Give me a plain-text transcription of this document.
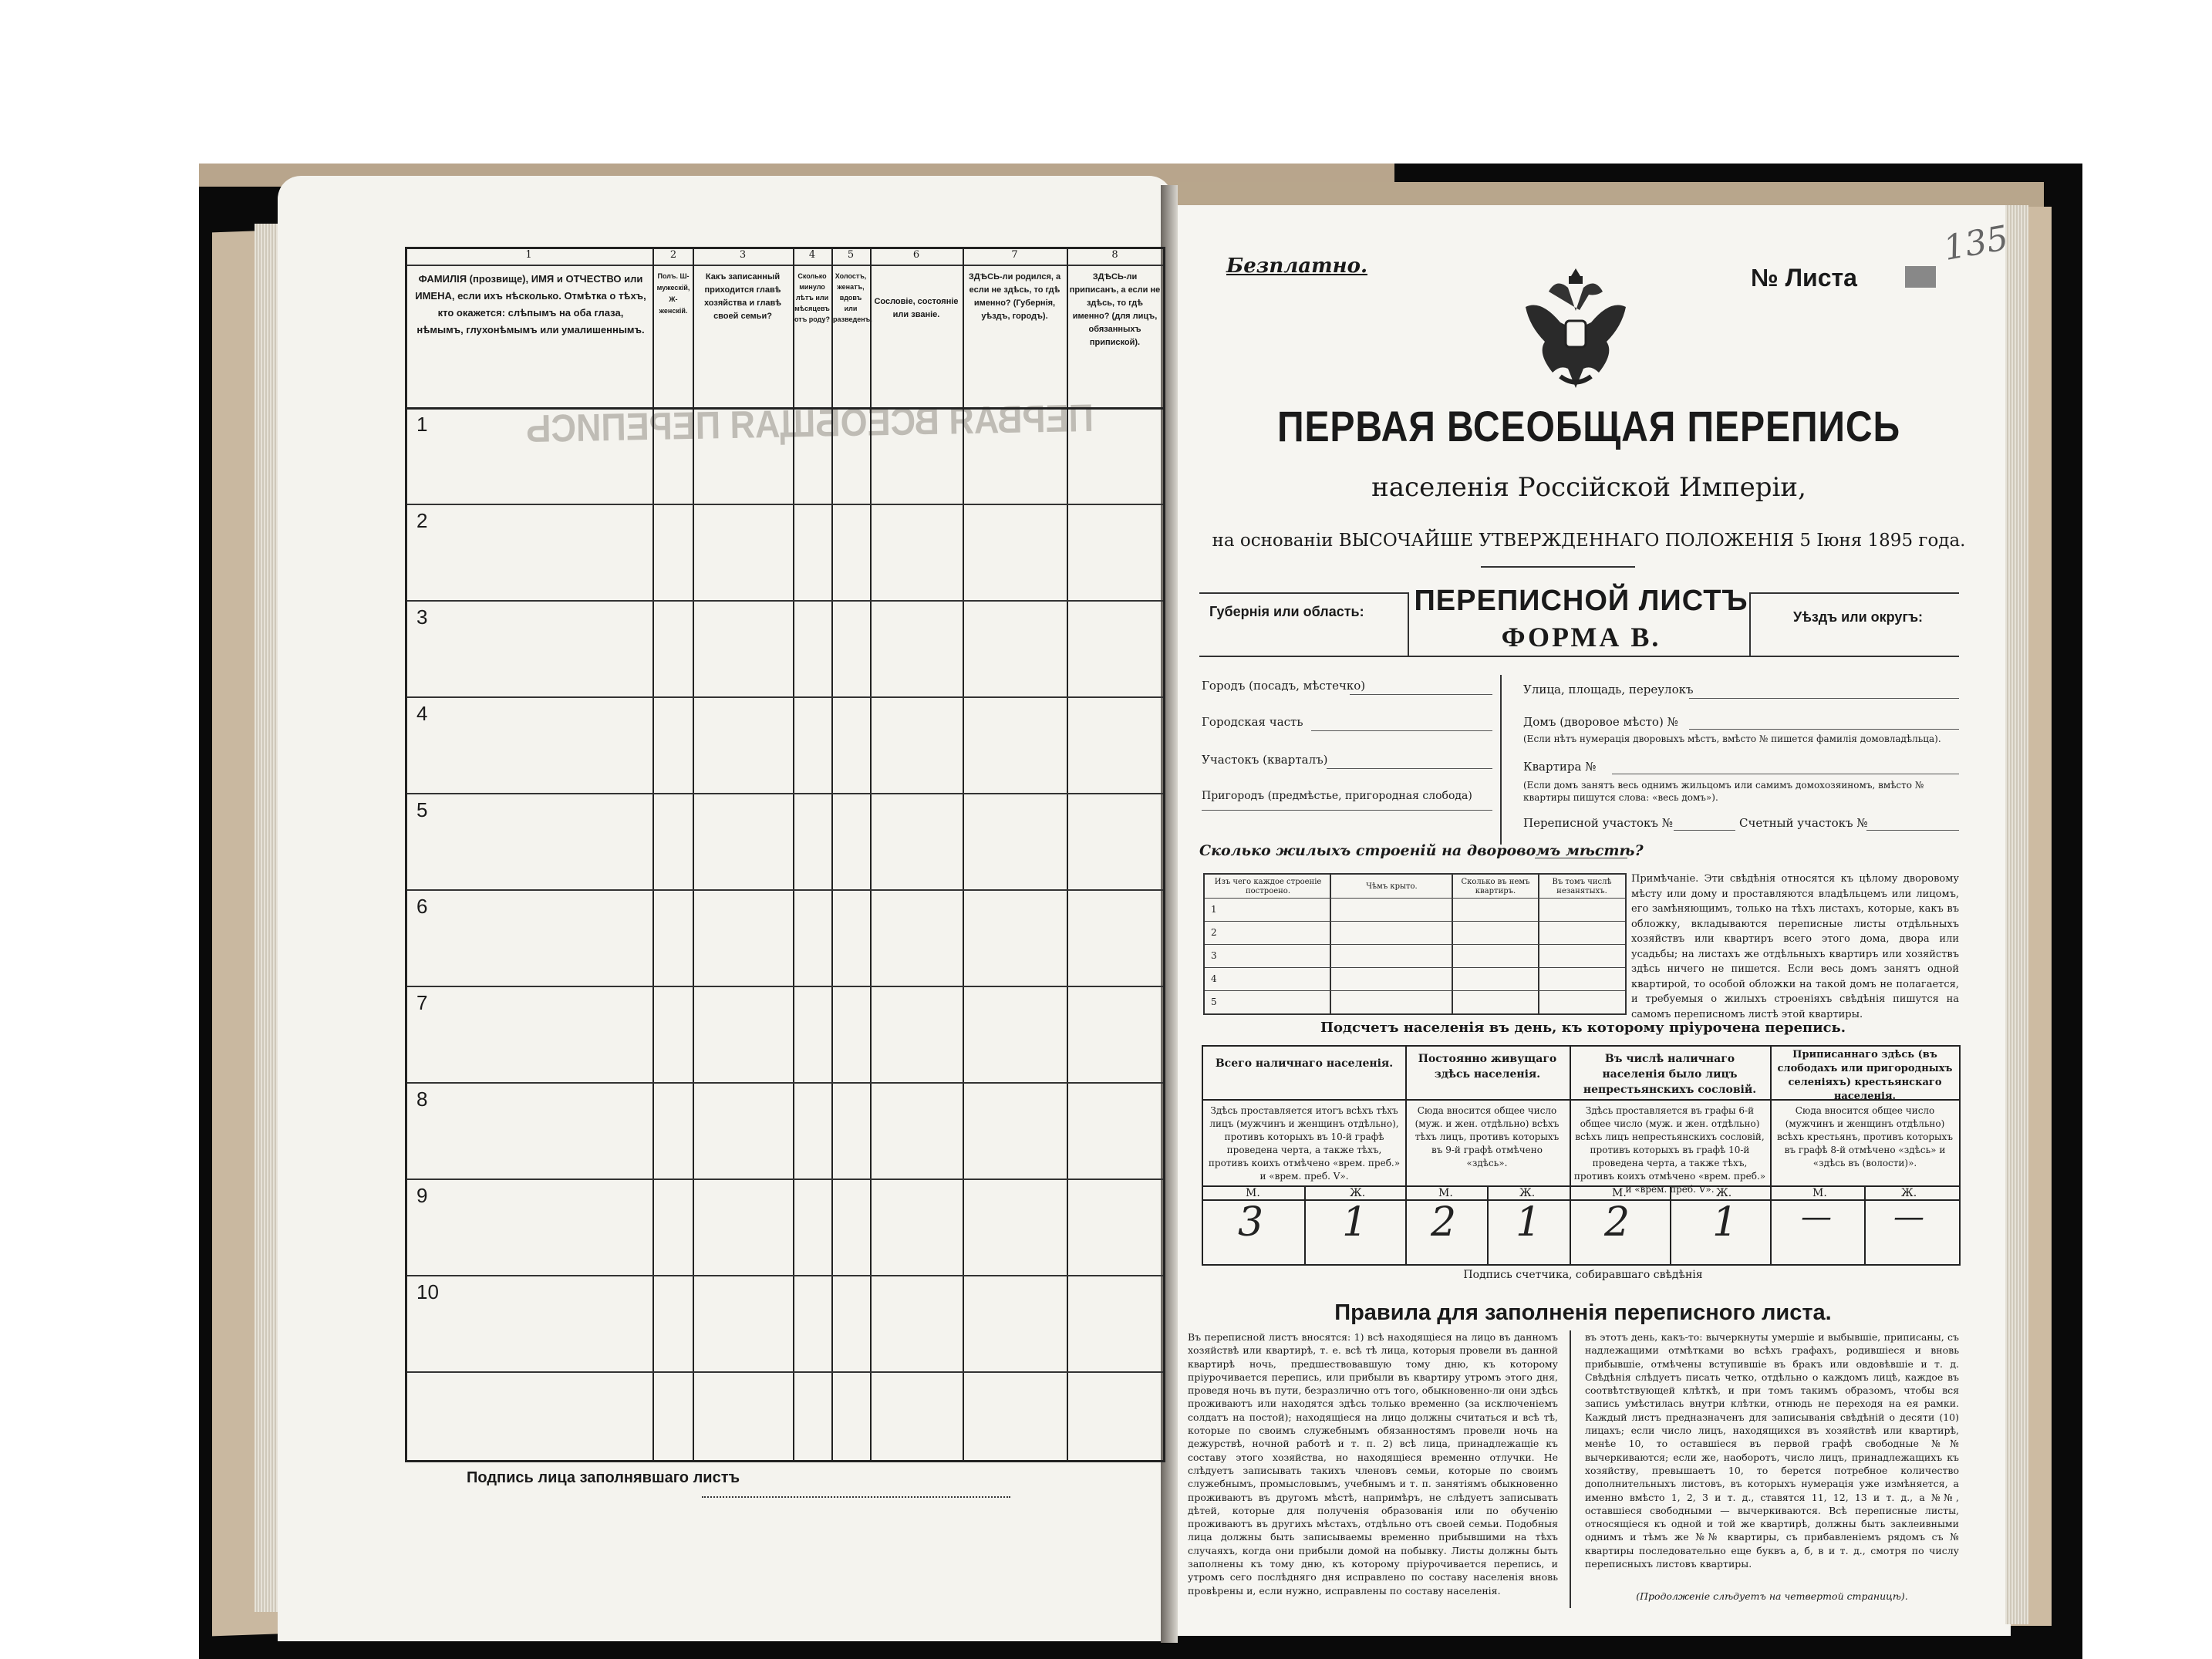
ПЕРВАЯ ВСЕОБЩАЯ ПЕРЕПИСЬ
1	2	3	4	5	6	7	8
ФАМИЛІЯ (прозвище), ИМЯ и ОТЧЕСТВО или ИМЕНА, если ихъ нѣсколько. Отмѣтка о тѣхъ, кто окажется: слѣпымъ на оба глаза, нѣмымъ, глухонѣмымъ или умалишеннымъ.
Полъ. Ш-мужескій, Ж-женскій.
Какъ записанный приходится главѣ хозяйства и главѣ своей семьи?
Сколько минуло лѣтъ или мѣсяцевъ отъ роду?
Холостъ, женатъ, вдовъ или разведенъ.
Сословіе, состояніе или званіе.
ЗДѢСЬ-ли родился, а если не здѣсь, то гдѣ именно? (Губернія, уѣздъ, городъ).
ЗДѢСЬ-ли приписанъ, а если не здѣсь, то гдѣ именно? (для лицъ, обязанныхъ припиской).
1
2
3
4
5
6
7
8
9
10
Подпись лица заполнявшаго листъ
Безплатно.	№ Листа
135
ПЕРВАЯ ВСЕОБЩАЯ ПЕРЕПИСЬ
населенія Россійской Имперіи,
на основаніи ВЫСОЧАЙШЕ УТВЕРЖДЕННАГО ПОЛОЖЕНІЯ 5 Іюня 1895 года.
Губернія или область:	Уѣздъ или округъ:
ПЕРЕПИСНОЙ ЛИСТЪ
ФОРМА В.
Городъ (посадъ, мѣстечко)
Городская часть
Участокъ (кварталъ)
Пригородъ (предмѣстье, пригородная слобода)
Улица, площадь, переулокъ
Домъ (дворовое мѣсто) №
(Если нѣтъ нумерація дворовыхъ мѣстъ, вмѣсто № пишется фамилія домовладѣльца).
Квартира №
(Если домъ занятъ весь однимъ жильцомъ или самимъ домохозяиномъ, вмѣсто № квартиры пишутся слова: «весь домъ»).
Переписной участокъ №	Счетный участокъ №
Сколько жилыхъ строеній на дворовомъ мѣстѣ?
Изъ чего каждое строеніе построено.
Чѣмъ крыто.
Сколько въ немъ квартиръ.
Въ томъ числѣ незанятыхъ.
1
2
3
4
5
Примѣчаніе. Эти свѣдѣнія относятся къ цѣлому дворовому мѣсту или дому и проставляются владѣльцемъ или лицомъ, его замѣняющимъ, только на тѣхъ листахъ, которые, какъ въ обложку, вкладываются переписные листы отдѣльныхъ хозяйствъ или квартиръ всего этого дома, двора или усадьбы; на листахъ же отдѣльныхъ квартиръ или хозяйствъ здѣсь ничего не пишется. Если весь домъ занятъ одной квартирой, то особой обложки на такой домъ не полагается, и требуемыя о жилыхъ строеніяхъ свѣдѣнія пишутся на самомъ переписномъ листѣ этой квартиры.
Подсчетъ населенія въ день, къ которому пріурочена перепись.
Всего наличнаго населенія.	Постоянно живущаго здѣсь населенія.
Въ числѣ наличнаго населенія было лицъ непрестьянскихъ сословій.
Приписаннаго здѣсь (въ слободахъ или пригородныхъ селеніяхъ) крестьянскаго населенія.
Здѣсь проставляется итогъ всѣхъ тѣхъ лицъ (мужчинъ и женщинъ отдѣльно), противъ которыхъ въ 10-й графѣ проведена черта, а также тѣхъ, противъ коихъ отмѣчено «врем. преб.» и «врем. преб. V».
Сюда вносится общее число (муж. и жен. отдѣльно) всѣхъ тѣхъ лицъ, противъ которыхъ въ 9-й графѣ отмѣчено «здѣсь».
Здѣсь проставляется въ графы 6-й общее число (муж. и жен. отдѣльно) всѣхъ лицъ непрестьянскихъ сословій, противъ которыхъ въ графѣ 10-й проведена черта, а также тѣхъ, противъ коихъ отмѣчено «врем. преб.» и «врем. преб. V».
Сюда вносится общее число (мужчинъ и женщинъ отдѣльно) всѣхъ крестьянъ, противъ которыхъ въ графѣ 8-й отмѣчено «здѣсь» и «здѣсь въ (волости)».
М.	Ж.	М.	Ж.	М.	Ж.	М.	Ж.
3 1 2 1 2 1 — —
Подпись счетчика, собиравшаго свѣдѣнія
Правила для заполненія переписного листа.
Въ переписной листъ вносятся: 1) всѣ находящіеся на лицо въ данномъ хозяйствѣ или квартирѣ, т. е. всѣ тѣ лица, которыя провели въ данной квартирѣ ночь, предшествовавшую тому дню, къ которому пріурочивается перепись, или прибыли въ квартиру утромъ этого дня, проведя ночь въ пути, безразлично отъ того, обыкновенно-ли они здѣсь проживаютъ или находятся здѣсь только временно (за исключеніемъ солдатъ на постой); находящіеся на лицо должны считаться и всѣ тѣ, которые по своимъ служебнымъ обязанностямъ провели ночь на дежурствѣ, ночной работѣ и т. п. 2) всѣ лица, принадлежащіе къ составу этого хозяйства, но находящіеся временно отлучки. Не слѣдуетъ записывать такихъ членовъ семьи, которые по своимъ служебнымъ, промысловымъ, учебнымъ и т. п. занятіямъ обыкновенно проживаютъ въ другомъ мѣстѣ, напримѣръ, не слѣдуетъ записывать дѣтей, которые для полученія образованія или по обученію проживаютъ въ другихъ мѣстахъ, отдѣльно отъ своей семьи. Подобныя лица должны быть записываемы временно прибывшими на тѣхъ случаяхъ, когда они прибыли домой на побывку. Листы должны быть заполнены къ тому дню, къ которому пріурочивается перепись, и утромъ сего послѣдняго дня исправлено по составу населенія вновь провѣрены и, если нужно, исправлены по составу населенія.
въ этотъ день, какъ-то: вычеркнуты умершіе и выбывшіе, приписаны, съ надлежащими отмѣтками во всѣхъ графахъ, родившіеся и вновь прибывшіе, отмѣчены вступившіе въ бракъ или овдовѣвшіе и т. д. Свѣдѣнія слѣдуетъ писать четко, отдѣльно о каждомъ лицѣ, каждое въ соотвѣтствующей клѣткѣ, и при томъ такимъ образомъ, чтобы вся запись умѣстилась внутри клѣтки, отнюдь не переходя на ея рамки. Каждый листъ предназначенъ для записыванія свѣдѣній о десяти (10) лицахъ; если число лицъ, находящихся въ хозяйствѣ или квартирѣ, менѣе 10, то оставшіеся въ первой графѣ свободные №№ вычеркиваются; если же, наоборотъ, число лицъ, принадлежащихъ къ хозяйству, превышаетъ 10, то берется потребное количество дополнительныхъ листовъ, въ которыхъ нумерація уже измѣняется, а именно вмѣсто 1, 2, 3 и т. д., ставятся 11, 12, 13 и т. д., а №№, оставшіеся свободными — вычеркиваются. Всѣ переписные листы, относящіеся къ одной и той же квартирѣ, должны быть заклеивными однимъ и тѣмъ же №№ квартиры, съ прибавленіемъ рядомъ съ № квартиры последовательно еще буквъ а, б, в и т. д., смотря по числу переписныхъ листовъ квартиры.
(Продолженіе слѣдуетъ на четвертой страницѣ).
